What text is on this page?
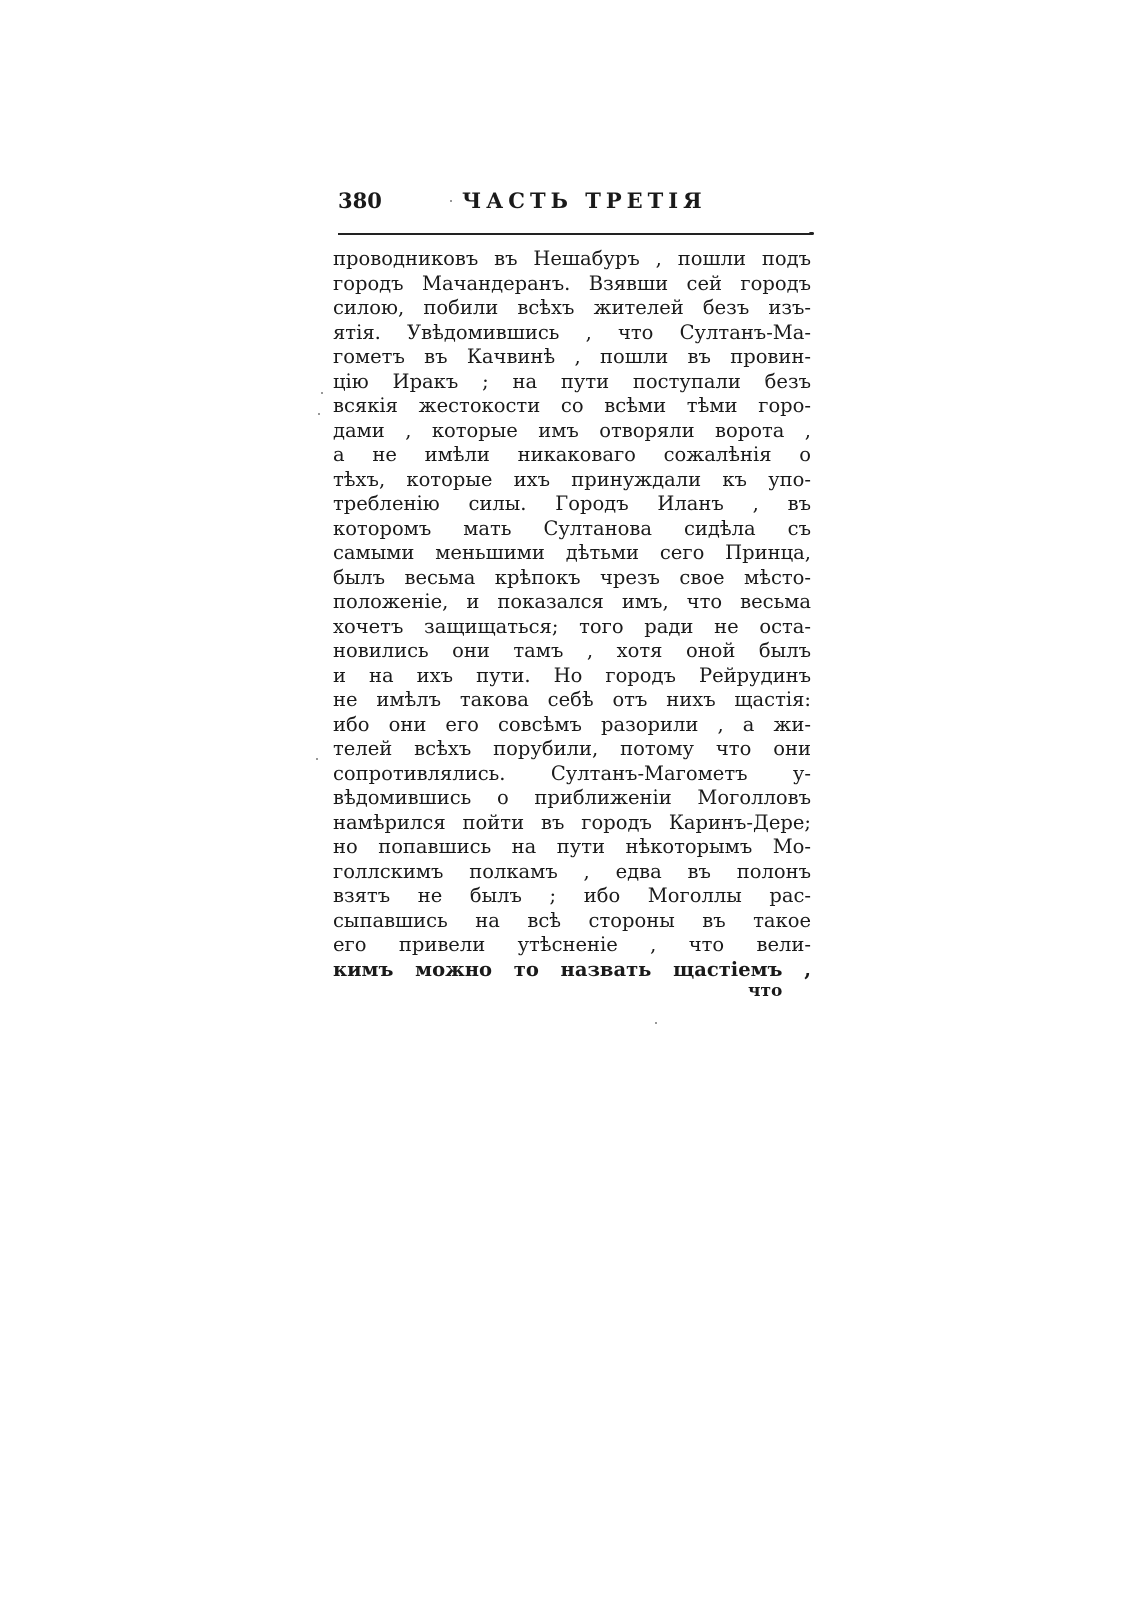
380	ЧАСТЬ ТРЕТІЯ
проводниковъ въ Нешабуръ , пошли подъ
городъ Мачандеранъ. Взявши сей городъ
силою, побили всѣхъ жителей безъ изъ-
ятія. Увѣдомившись , что Султанъ-Ма-
гометъ въ Качвинѣ , пошли въ провин-
цію Иракъ ; на пути поступали безъ
всякія жестокости со всѣми тѣми горо-
дами , которые имъ отворяли ворота ,
а не имѣли никаковаго сожалѣнія о
тѣхъ, которые ихъ принуждали къ упо-
требленію силы. Городъ Иланъ , въ
которомъ мать Султанова сидѣла съ
самыми меньшими дѣтьми сего Принца,
былъ весьма крѣпокъ чрезъ свое мѣсто-
положеніе, и показался имъ, что весьма
хочетъ защищаться; того ради не оста-
новились они тамъ , хотя оной былъ
и на ихъ пути. Но городъ Рейрудинъ
не имѣлъ такова себѣ отъ нихъ щастія:
ибо они его совсѣмъ разорили , а жи-
телей всѣхъ порубили, потому что они
сопротивлялись. Султанъ-Магометъ у-
вѣдомившись о приближеніи Моголловъ
намѣрился пойти въ городъ Каринъ-Дере;
но попавшись на пути нѣкоторымъ Мо-
голлскимъ полкамъ , едва въ полонъ
взятъ не былъ ; ибо Моголлы рас-
сыпавшись на всѣ стороны въ такое
его привели утѣсненіе , что вели-
кимъ можно то назвать щастіемъ ,
что
